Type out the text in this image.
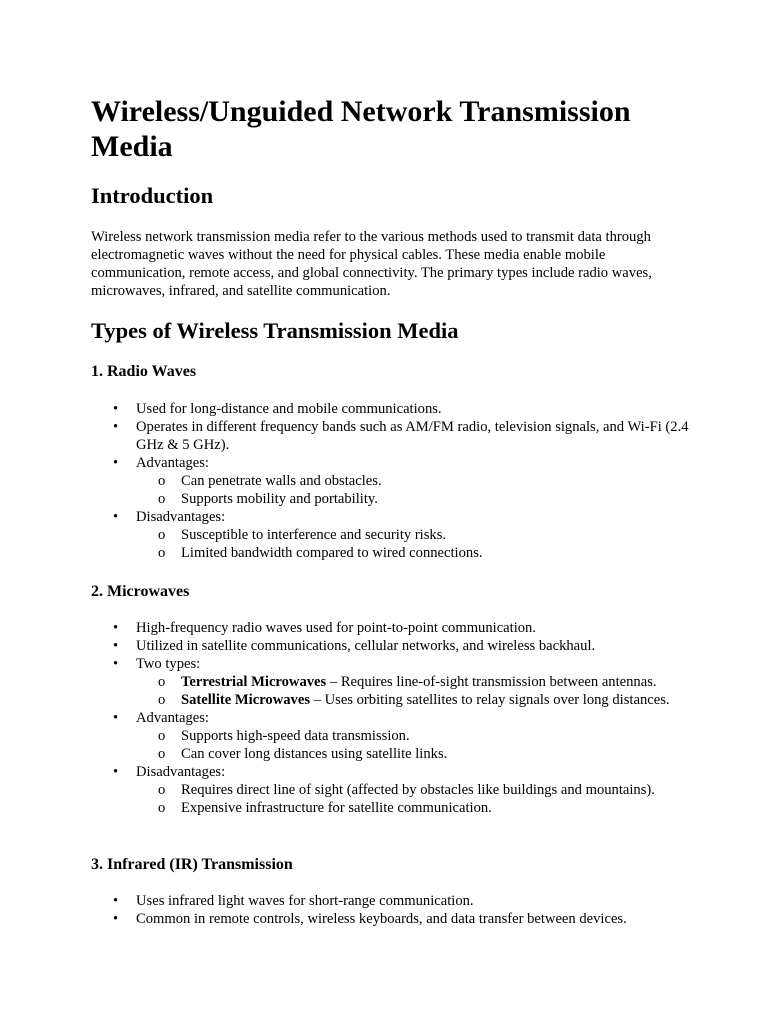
Wireless/Unguided Network Transmission Media
Introduction

Wireless network transmission media refer to the various methods used to transmit data through electromagnetic waves without the need for physical cables. These media enable mobile communication, remote access, and global connectivity. The primary types include radio waves, microwaves, infrared, and satellite communication.

Types of Wireless Transmission Media
1. Radio Waves
• Used for long-distance and mobile communications.
• Operates in different frequency bands such as AM/FM radio, television signals, and Wi-Fi (2.4 GHz & 5 GHz).
• Advantages:
o Can penetrate walls and obstacles.
o Supports mobility and portability.
• Disadvantages:
o Susceptible to interference and security risks.
o Limited bandwidth compared to wired connections.
2. Microwaves
• High-frequency radio waves used for point-to-point communication.
• Utilized in satellite communications, cellular networks, and wireless backhaul.
• Two types:
o Terrestrial Microwaves – Requires line-of-sight transmission between antennas.
o Satellite Microwaves – Uses orbiting satellites to relay signals over long distances.
• Advantages:
o Supports high-speed data transmission.
o Can cover long distances using satellite links.
• Disadvantages:
o Requires direct line of sight (affected by obstacles like buildings and mountains).
o Expensive infrastructure for satellite communication.
3. Infrared (IR) Transmission
• Uses infrared light waves for short-range communication.
• Common in remote controls, wireless keyboards, and data transfer between devices.
